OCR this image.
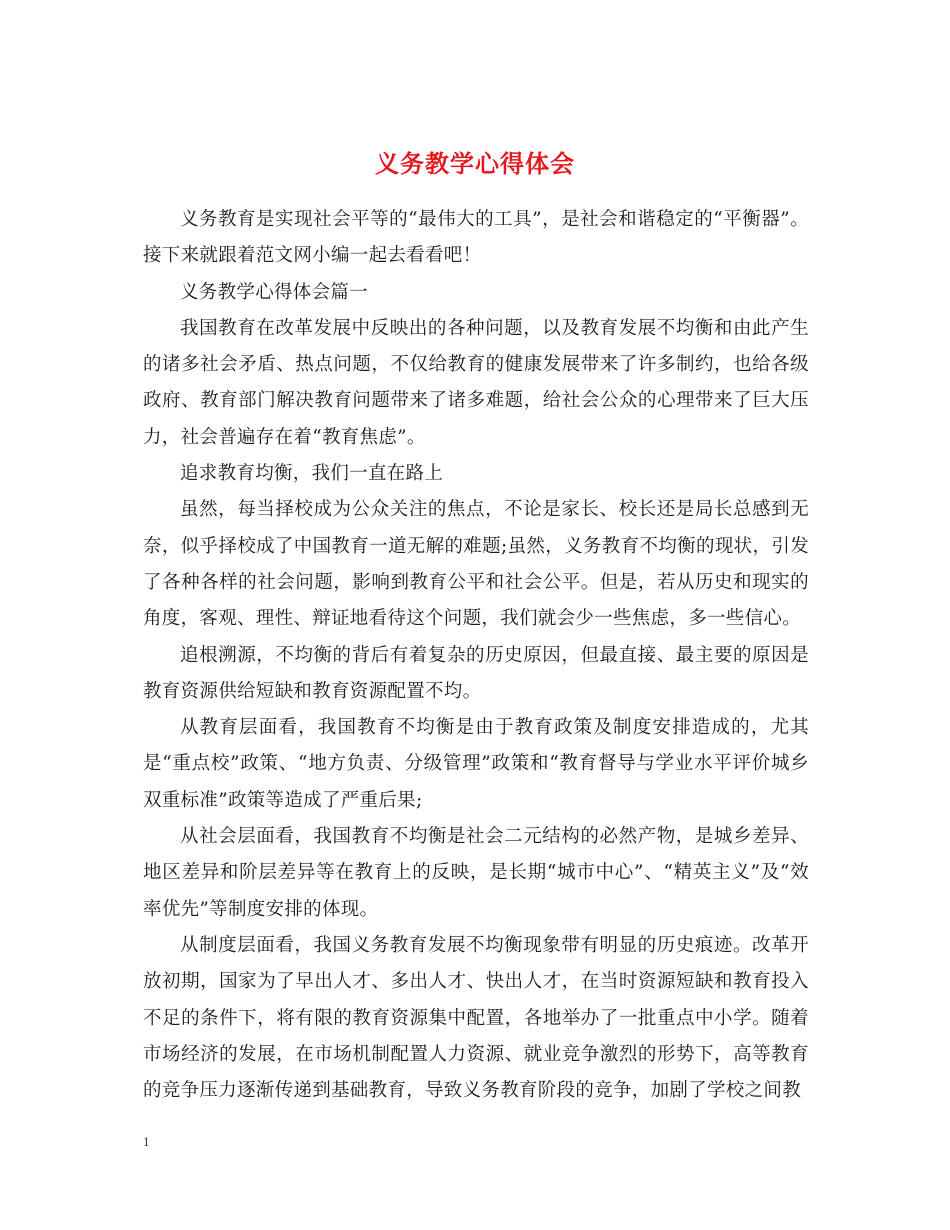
义务教学心得体会

义务教育是实现社会平等的“最伟大的工具”，是社会和谐稳定的“平衡器”。接下来就跟着范文网小编一起去看看吧！

义务教学心得体会篇一

我国教育在改革发展中反映出的各种问题，以及教育发展不均衡和由此产生的诸多社会矛盾、热点问题，不仅给教育的健康发展带来了许多制约，也给各级政府、教育部门解决教育问题带来了诸多难题，给社会公众的心理带来了巨大压力，社会普遍存在着“教育焦虑”。

追求教育均衡，我们一直在路上

虽然，每当择校成为公众关注的焦点，不论是家长、校长还是局长总感到无奈，似乎择校成了中国教育一道无解的难题;虽然，义务教育不均衡的现状，引发了各种各样的社会问题，影响到教育公平和社会公平。但是，若从历史和现实的角度，客观、理性、辩证地看待这个问题，我们就会少一些焦虑，多一些信心。

追根溯源，不均衡的背后有着复杂的历史原因，但最直接、最主要的原因是教育资源供给短缺和教育资源配置不均。

从教育层面看，我国教育不均衡是由于教育政策及制度安排造成的，尤其是“重点校”政策、“地方负责、分级管理”政策和“教育督导与学业水平评价城乡双重标准”政策等造成了严重后果;

从社会层面看，我国教育不均衡是社会二元结构的必然产物，是城乡差异、地区差异和阶层差异等在教育上的反映，是长期“城市中心”、“精英主义”及“效率优先”等制度安排的体现。

从制度层面看，我国义务教育发展不均衡现象带有明显的历史痕迹。改革开放初期，国家为了早出人才、多出人才、快出人才，在当时资源短缺和教育投入不足的条件下，将有限的教育资源集中配置，各地举办了一批重点中小学。随着市场经济的发展，在市场机制配置人力资源、就业竞争激烈的形势下，高等教育的竞争压力逐渐传递到基础教育，导致义务教育阶段的竞争，加剧了学校之间教

1
